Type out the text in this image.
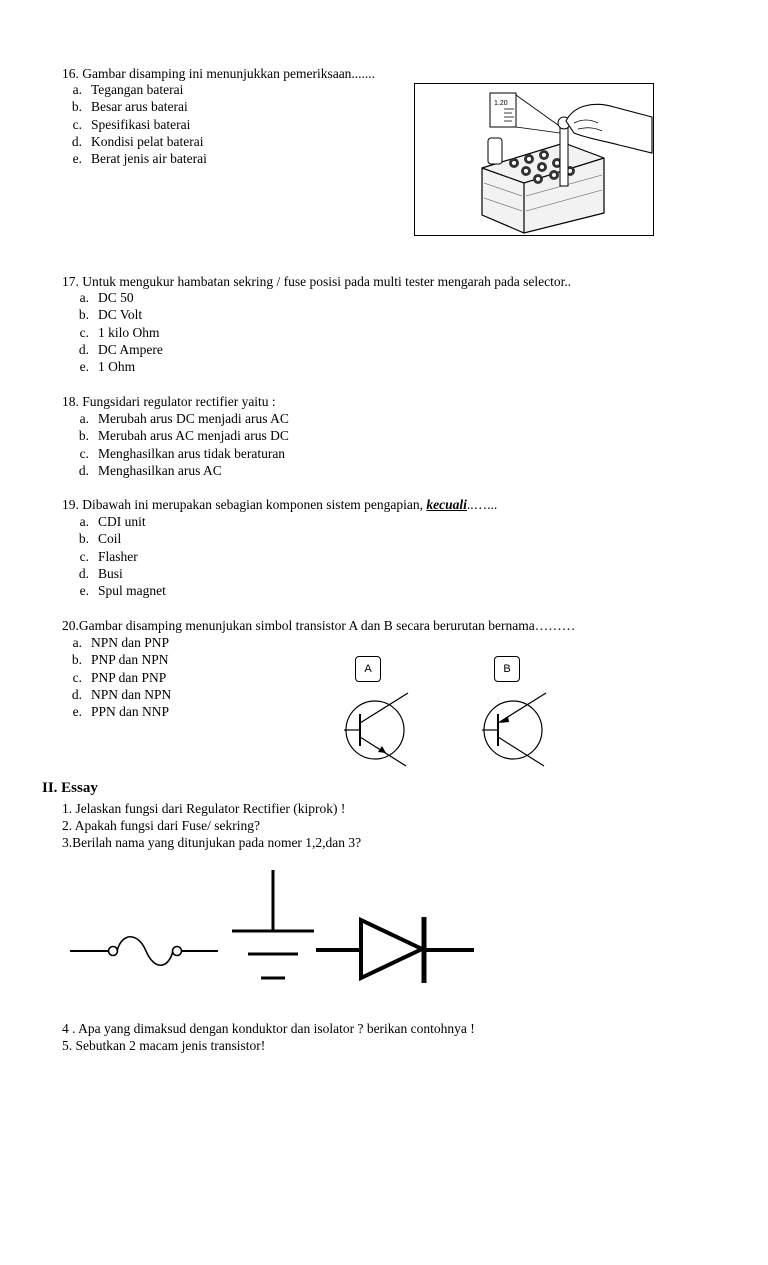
16. Gambar disamping ini menunjukkan pemeriksaan.......
a. Tegangan baterai
b. Besar arus baterai
c. Spesifikasi baterai
d. Kondisi pelat baterai
e. Berat jenis air baterai
1.20
17. Untuk mengukur hambatan sekring / fuse posisi pada multi tester mengarah pada selector..
a. DC 50
b. DC Volt
c. 1 kilo Ohm
d. DC Ampere
e. 1 Ohm
18. Fungsidari regulator rectifier yaitu :
a. Merubah arus DC menjadi arus AC
b. Merubah arus AC menjadi arus DC
c. Menghasilkan arus tidak beraturan
d. Menghasilkan arus AC
19. Dibawah ini merupakan sebagian komponen sistem pengapian, kecuali..…...
a. CDI unit
b. Coil
c. Flasher
d. Busi
e. Spul magnet
20.Gambar disamping menunjukan simbol transistor A dan B secara berurutan bernama………
a. NPN dan PNP
b. PNP dan NPN
c. PNP dan PNP
d. NPN dan NPN
e. PPN dan NNP
A	B
II. Essay
1. Jelaskan fungsi dari Regulator Rectifier (kiprok) !
2. Apakah fungsi dari Fuse/ sekring?
3.Berilah nama yang ditunjukan pada nomer 1,2,dan 3?
4 . Apa yang dimaksud dengan konduktor dan isolator ? berikan contohnya !
5. Sebutkan 2 macam jenis transistor!
